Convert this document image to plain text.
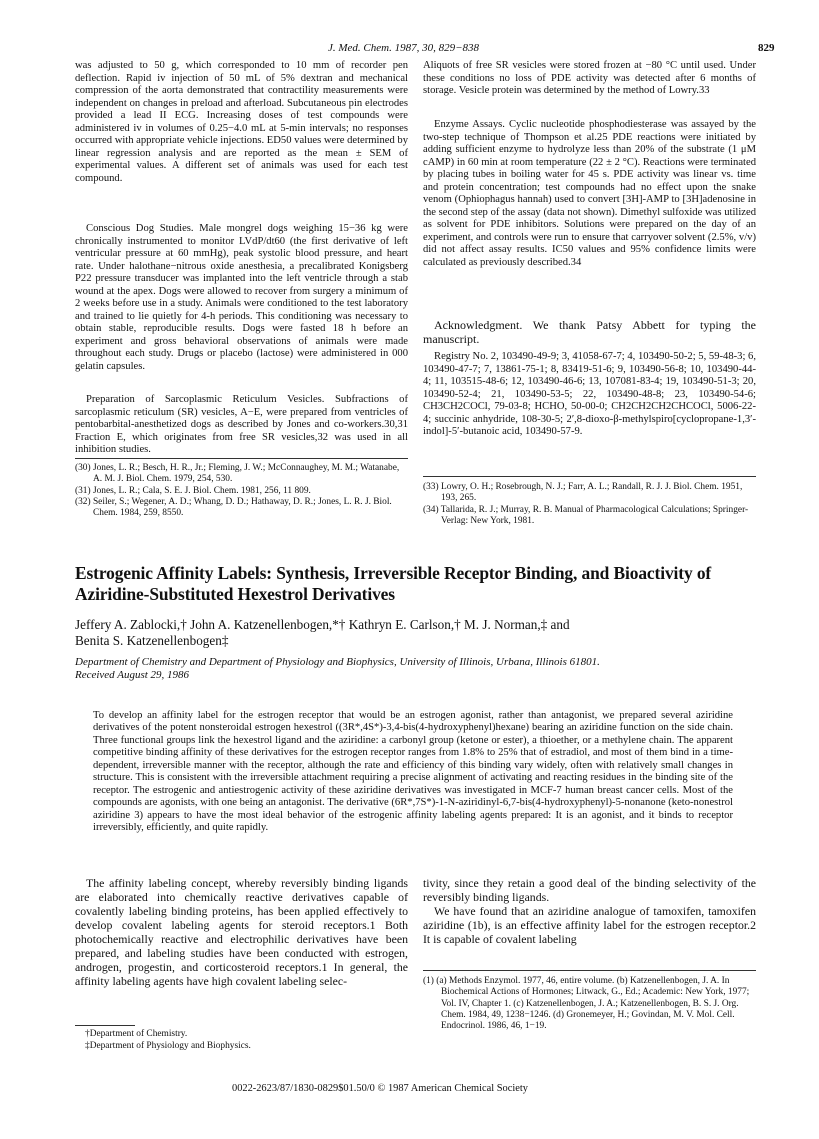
J. Med. Chem. 1987, 30, 829−838	829
was adjusted to 50 g, which corresponded to 10 mm of recorder pen deflection. Rapid iv injection of 50 mL of 5% dextran and mechanical compression of the aorta demonstrated that contractility measurements were independent on changes in preload and afterload. Subcutaneous pin electrodes provided a lead II ECG. Increasing doses of test compounds were administered iv in volumes of 0.25−4.0 mL at 5-min intervals; no responses occurred with appropriate vehicle injections. ED50 values were determined by linear regression analysis and are reported as the mean ± SEM of experimental values. A different set of animals was used for each test compound.
Conscious Dog Studies. Male mongrel dogs weighing 15−36 kg were chronically instrumented to monitor LVdP/dt60 (the first derivative of left ventricular pressure at 60 mmHg), peak systolic blood pressure, and heart rate. Under halothane−nitrous oxide anesthesia, a precalibrated Konigsberg P22 pressure transducer was implanted into the left ventricle through a stab wound at the apex. Dogs were allowed to recover from surgery a minimum of 2 weeks before use in a study. Animals were conditioned to the test laboratory and trained to lie quietly for 4-h periods. This conditioning was necessary to obtain stable, reproducible results. Dogs were fasted 18 h before an experiment and gross behavioral observations of animals were made throughout each study. Drugs or placebo (lactose) were administered in 000 gelatin capsules.
Preparation of Sarcoplasmic Reticulum Vesicles. Subfractions of sarcoplasmic reticulum (SR) vesicles, A−E, were prepared from ventricles of pentobarbital-anesthetized dogs as described by Jones and co-workers.30,31 Fraction E, which originates from free SR vesicles,32 was used in all inhibition studies.
Aliquots of free SR vesicles were stored frozen at −80 °C until used. Under these conditions no loss of PDE activity was detected after 6 months of storage. Vesicle protein was determined by the method of Lowry.33
Enzyme Assays. Cyclic nucleotide phosphodiesterase was assayed by the two-step technique of Thompson et al.25 PDE reactions were initiated by adding sufficient enzyme to hydrolyze less than 20% of the substrate (1 μM cAMP) in 60 min at room temperature (22 ± 2 °C). Reactions were terminated by placing tubes in boiling water for 45 s. PDE activity was linear vs. time and protein concentration; test compounds had no effect upon the snake venom (Ophiophagus hannah) used to convert [3H]-AMP to [3H]adenosine in the second step of the assay (data not shown). Dimethyl sulfoxide was utilized as solvent for PDE inhibitors. Solutions were prepared on the day of an experiment, and controls were run to ensure that carryover solvent (2.5%, v/v) did not affect assay results. IC50 values and 95% confidence limits were calculated as previously described.34
Acknowledgment. We thank Patsy Abbett for typing the manuscript.
Registry No. 2, 103490-49-9; 3, 41058-67-7; 4, 103490-50-2; 5, 59-48-3; 6, 103490-47-7; 7, 13861-75-1; 8, 83419-51-6; 9, 103490-56-8; 10, 103490-44-4; 11, 103515-48-6; 12, 103490-46-6; 13, 107081-83-4; 19, 103490-51-3; 20, 103490-52-4; 21, 103490-53-5; 22, 103490-48-8; 23, 103490-54-6; CH3CH2COCl, 79-03-8; HCHO, 50-00-0; CH2CH2CH2CHCOCl, 5006-22-4; succinic anhydride, 108-30-5; 2′,8-dioxo-β-methylspiro[cyclopropane-1,3′-indol]-5′-butanoic acid, 103490-57-9.
(30) Jones, L. R.; Besch, H. R., Jr.; Fleming, J. W.; McConnaughey, M. M.; Watanabe, A. M. J. Biol. Chem. 1979, 254, 530.
(31) Jones, L. R.; Cala, S. E. J. Biol. Chem. 1981, 256, 11 809.
(32) Seiler, S.; Wegener, A. D.; Whang, D. D.; Hathaway, D. R.; Jones, L. R. J. Biol. Chem. 1984, 259, 8550.
(33) Lowry, O. H.; Rosebrough, N. J.; Farr, A. L.; Randall, R. J. J. Biol. Chem. 1951, 193, 265.
(34) Tallarida, R. J.; Murray, R. B. Manual of Pharmacological Calculations; Springer-Verlag: New York, 1981.
Estrogenic Affinity Labels: Synthesis, Irreversible Receptor Binding, and Bioactivity of Aziridine-Substituted Hexestrol Derivatives
Jeffery A. Zablocki,† John A. Katzenellenbogen,*† Kathryn E. Carlson,† M. J. Norman,‡ and Benita S. Katzenellenbogen‡
Department of Chemistry and Department of Physiology and Biophysics, University of Illinois, Urbana, Illinois 61801.
Received August 29, 1986
To develop an affinity label for the estrogen receptor that would be an estrogen agonist, rather than antagonist, we prepared several aziridine derivatives of the potent nonsteroidal estrogen hexestrol ((3R*,4S*)-3,4-bis(4-hydroxyphenyl)hexane) bearing an aziridine function on the side chain. Three functional groups link the hexestrol ligand and the aziridine: a carbonyl group (ketone or ester), a thioether, or a methylene chain. The apparent competitive binding affinity of these derivatives for the estrogen receptor ranges from 1.8% to 25% that of estradiol, and most of them bind in a time-dependent, irreversible manner with the receptor, although the rate and efficiency of this binding vary widely, often with relatively small changes in structure. This is consistent with the irreversible attachment requiring a precise alignment of activating and reacting residues in the binding site of the receptor. The estrogenic and antiestrogenic activity of these aziridine derivatives was investigated in MCF-7 human breast cancer cells. Most of the compounds are agonists, with one being an antagonist. The derivative (6R*,7S*)-1-N-aziridinyl-6,7-bis(4-hydroxyphenyl)-5-nonanone (keto-nonestrol aziridine 3) appears to have the most ideal behavior of the estrogenic affinity labeling agents prepared: It is an agonist, and it binds to receptor irreversibly, efficiently, and quite rapidly.
The affinity labeling concept, whereby reversibly binding ligands are elaborated into chemically reactive derivatives capable of covalently labeling binding proteins, has been applied effectively to develop covalent labeling agents for steroid receptors.1 Both photochemically reactive and electrophilic derivatives have been prepared, and labeling studies have been conducted with estrogen, androgen, progestin, and corticosteroid receptors.1 In general, the affinity labeling agents have high covalent labeling selec-
tivity, since they retain a good deal of the binding selectivity of the reversibly binding ligands.
We have found that an aziridine analogue of tamoxifen, tamoxifen aziridine (1b), is an effective affinity label for the estrogen receptor.2 It is capable of covalent labeling
†Department of Chemistry.
‡Department of Physiology and Biophysics.
(1) (a) Methods Enzymol. 1977, 46, entire volume. (b) Katzenellenbogen, J. A. In Biochemical Actions of Hormones; Litwack, G., Ed.; Academic: New York, 1977; Vol. IV, Chapter 1. (c) Katzenellenbogen, J. A.; Katzenellenbogen, B. S. J. Org. Chem. 1984, 49, 1238−1246. (d) Gronemeyer, H.; Govindan, M. V. Mol. Cell. Endocrinol. 1986, 46, 1−19.
0022-2623/87/1830-0829$01.50/0 © 1987 American Chemical Society
